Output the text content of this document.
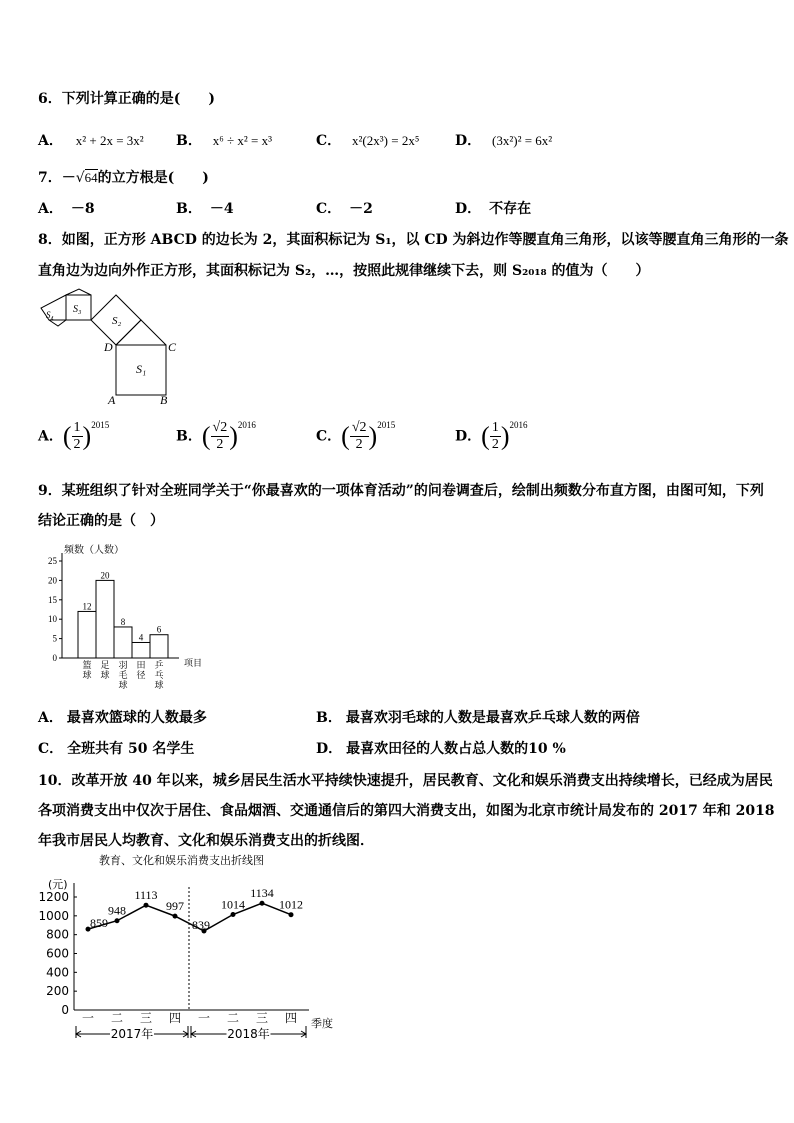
6．下列计算正确的是(　　)
A． x² + 2x = 3x² B． x⁶ ÷ x² = x³	C． x²(2x³) = 2x⁵	D． (3x²)² = 6x²
7．－√64的立方根是(　　)
A． －8	B． －4	C． －2	D． 不存在
8．如图，正方形 ABCD 的边长为 2，其面积标记为 S₁，以 CD 为斜边作等腰直角三角形，以该等腰直角三角形的一条
直角边为边向外作正方形，其面积标记为 S₂，…，按照此规律继续下去，则 S₂₀₁₈ 的值为（　　）
S₁
S₂
S₃
S₄
D	C
A	B
A．( $\frac{1}{2} )^{2015}$
B．( $\frac{√2}{2} )^{2016}$
C．( $\frac{√2}{2} )^{2015}$
D．( $\frac{1}{2} )^{2016}$
9．某班组织了针对全班同学关于“你最喜欢的一项体育活动”的问卷调查后，绘制出频数分布直方图，由图可知，下列
结论正确的是（　）
频数（人数）
项目
0
5
10
15
20
25
12
篮
球
20
足
球
8
羽
毛
球
4
田
径
6
乒
乓
球
A． 最喜欢篮球的人数最多	B． 最喜欢羽毛球的人数是最喜欢乒乓球人数的两倍
C． 全班共有 50 名学生	D． 最喜欢田径的人数占总人数的10 %
10．改革开放 40 年以来，城乡居民生活水平持续快速提升，居民教育、文化和娱乐消费支出持续增长，已经成为居民
各项消费支出中仅次于居住、食品烟酒、交通通信后的第四大消费支出，如图为北京市统计局发布的 2017 年和 2018
年我市居民人均教育、文化和娱乐消费支出的折线图．
教育、文化和娱乐消费支出折线图
(元)
季度
0
200
400
600
800
1000
1200
859
948
1113
997
839
1014
1134
1012
一 二 三 四 一 二 三 四
2017年	2018年
